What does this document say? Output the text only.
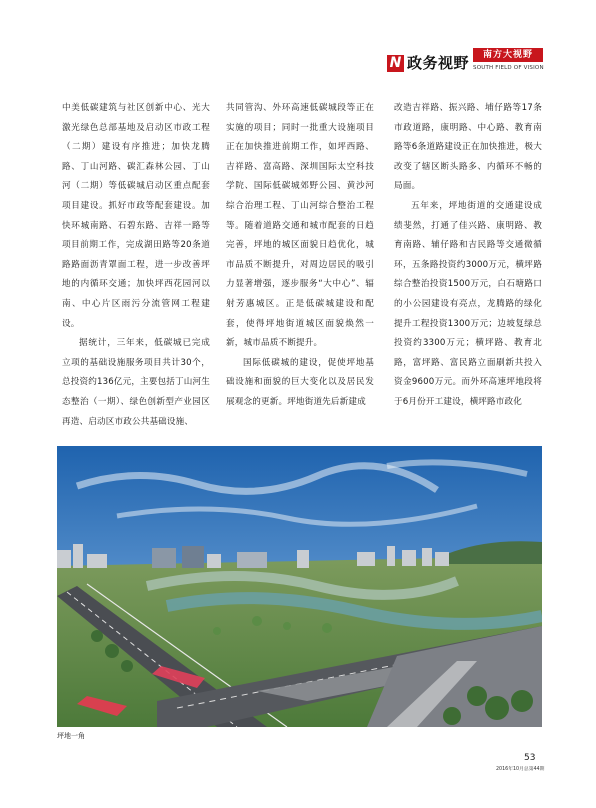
N 政务视野	南方大视野
SOUTH FIELD OF VISION

中美低碳建筑与社区创新中心、光大激光绿色总部基地及启动区市政工程（二期）建设有序推进；加快龙腾路、丁山河路、碳汇森林公园、丁山河（二期）等低碳城启动区重点配套项目建设。抓好市政等配套建设。加快环城南路、石碧东路、吉祥一路等项目前期工作，完成湖田路等20条道路路面沥青罩面工程，进一步改善坪地的内循环交通；加快坪西花园河以南、中心片区雨污分流管网工程建设。

据统计，三年来，低碳城已完成立项的基础设施服务项目共计30个，总投资约136亿元，主要包括丁山河生态整治（一期）、绿色创新型产业园区再造、启动区市政公共基础设施、

共同管沟、外环高速低碳城段等正在实施的项目；同时一批重大设施项目正在加快推进前期工作，如坪西路、吉祥路、富高路、深圳国际太空科技学院、国际低碳城郊野公园、黄沙河综合治理工程、丁山河综合整治工程等。随着道路交通和城市配套的日趋完善，坪地的城区面貌日趋优化，城市品质不断提升，对周边居民的吸引力显著增强，逐步服务“大中心”、辐射芳惠城区。正是低碳城建设和配套，使得坪地街道城区面貌焕然一新，城市品质不断提升。

国际低碳城的建设，促使坪地基础设施和面貌的巨大变化以及居民发展观念的更新。坪地街道先后新建成

改造吉祥路、振兴路、埔仔路等17条市政道路，康明路、中心路、教育南路等6条道路建设正在加快推进，极大改变了辖区断头路多、内循环不畅的局面。

五年来，坪地街道的交通建设成绩斐然，打通了佳兴路、康明路、教育南路、辅仔路和吉民路等交通微循环，五条路投资约3000万元，横坪路综合整治投资1500万元，白石塘路口的小公园建设有亮点，龙腾路的绿化提升工程投资1300万元；边坡复绿总投资约3300万元；横坪路、教育北路，富坪路、富民路立面刷新共投入资金9600万元。而外环高速坪地段将于6月份开工建设，横坪路市政化

坪地一角
53
2016年10月总第44期
